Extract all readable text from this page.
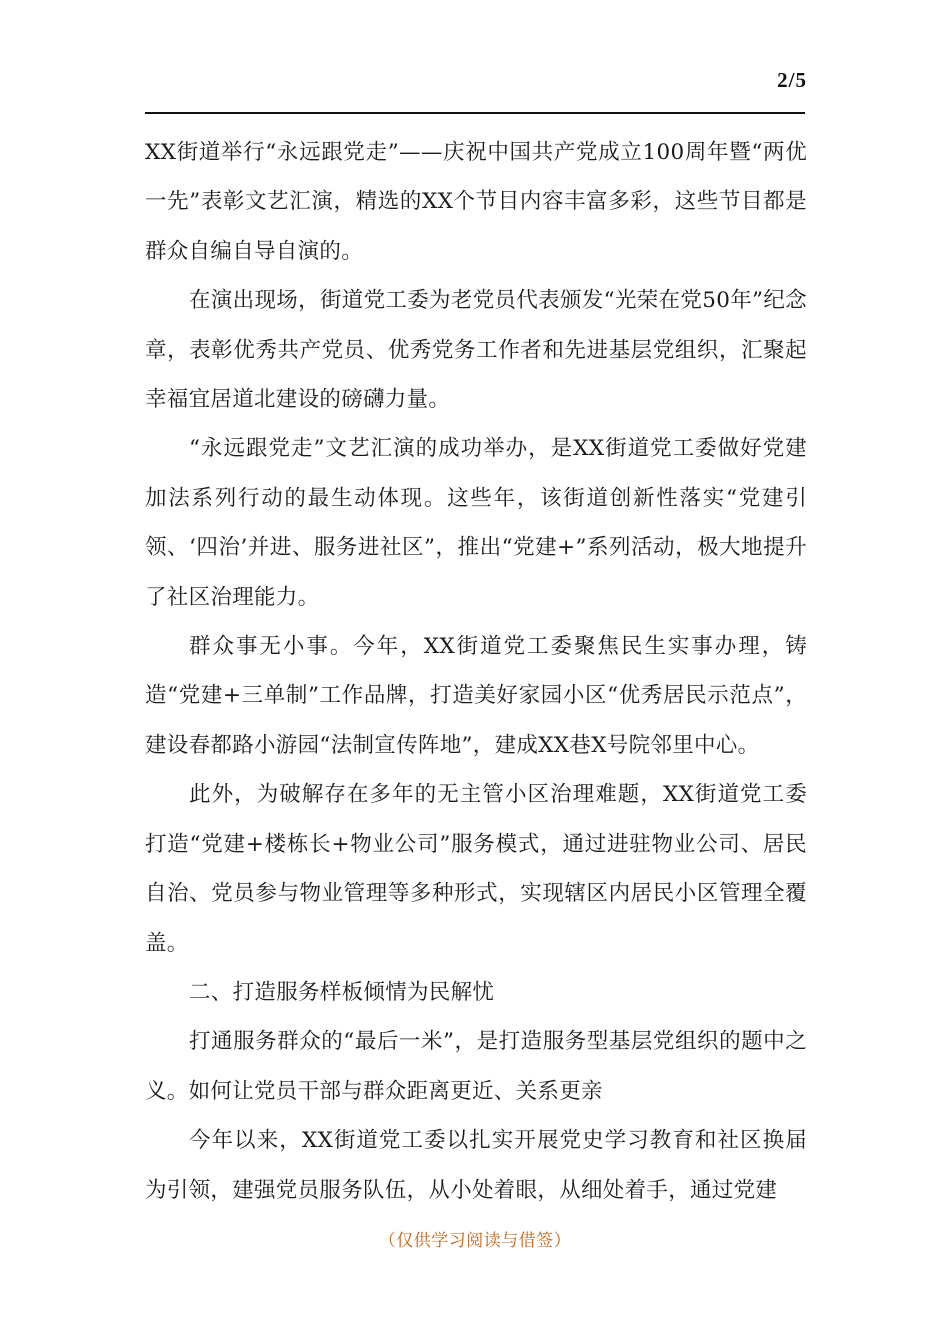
2/5

XX街道举行“永远跟党走”——庆祝中国共产党成立100周年暨“两优一先”表彰文艺汇演，精选的XX个节目内容丰富多彩，这些节目都是群众自编自导自演的。

在演出现场，街道党工委为老党员代表颁发“光荣在党50年”纪念章，表彰优秀共产党员、优秀党务工作者和先进基层党组织，汇聚起幸福宜居道北建设的磅礴力量。

“永远跟党走”文艺汇演的成功举办，是XX街道党工委做好党建加法系列行动的最生动体现。这些年，该街道创新性落实“党建引领、‘四治’并进、服务进社区”，推出“党建+”系列活动，极大地提升了社区治理能力。

群众事无小事。今年，XX街道党工委聚焦民生实事办理，铸造“党建+三单制”工作品牌，打造美好家园小区“优秀居民示范点”，建设春都路小游园“法制宣传阵地”，建成XX巷X号院邻里中心。

此外，为破解存在多年的无主管小区治理难题，XX街道党工委打造“党建+楼栋长+物业公司”服务模式，通过进驻物业公司、居民自治、党员参与物业管理等多种形式，实现辖区内居民小区管理全覆盖。

二、打造服务样板倾情为民解忧

打通服务群众的“最后一米”，是打造服务型基层党组织的题中之义。如何让党员干部与群众距离更近、关系更亲

今年以来，XX街道党工委以扎实开展党史学习教育和社区换届为引领，建强党员服务队伍，从小处着眼，从细处着手，通过党建

（仅供学习阅读与借签）
